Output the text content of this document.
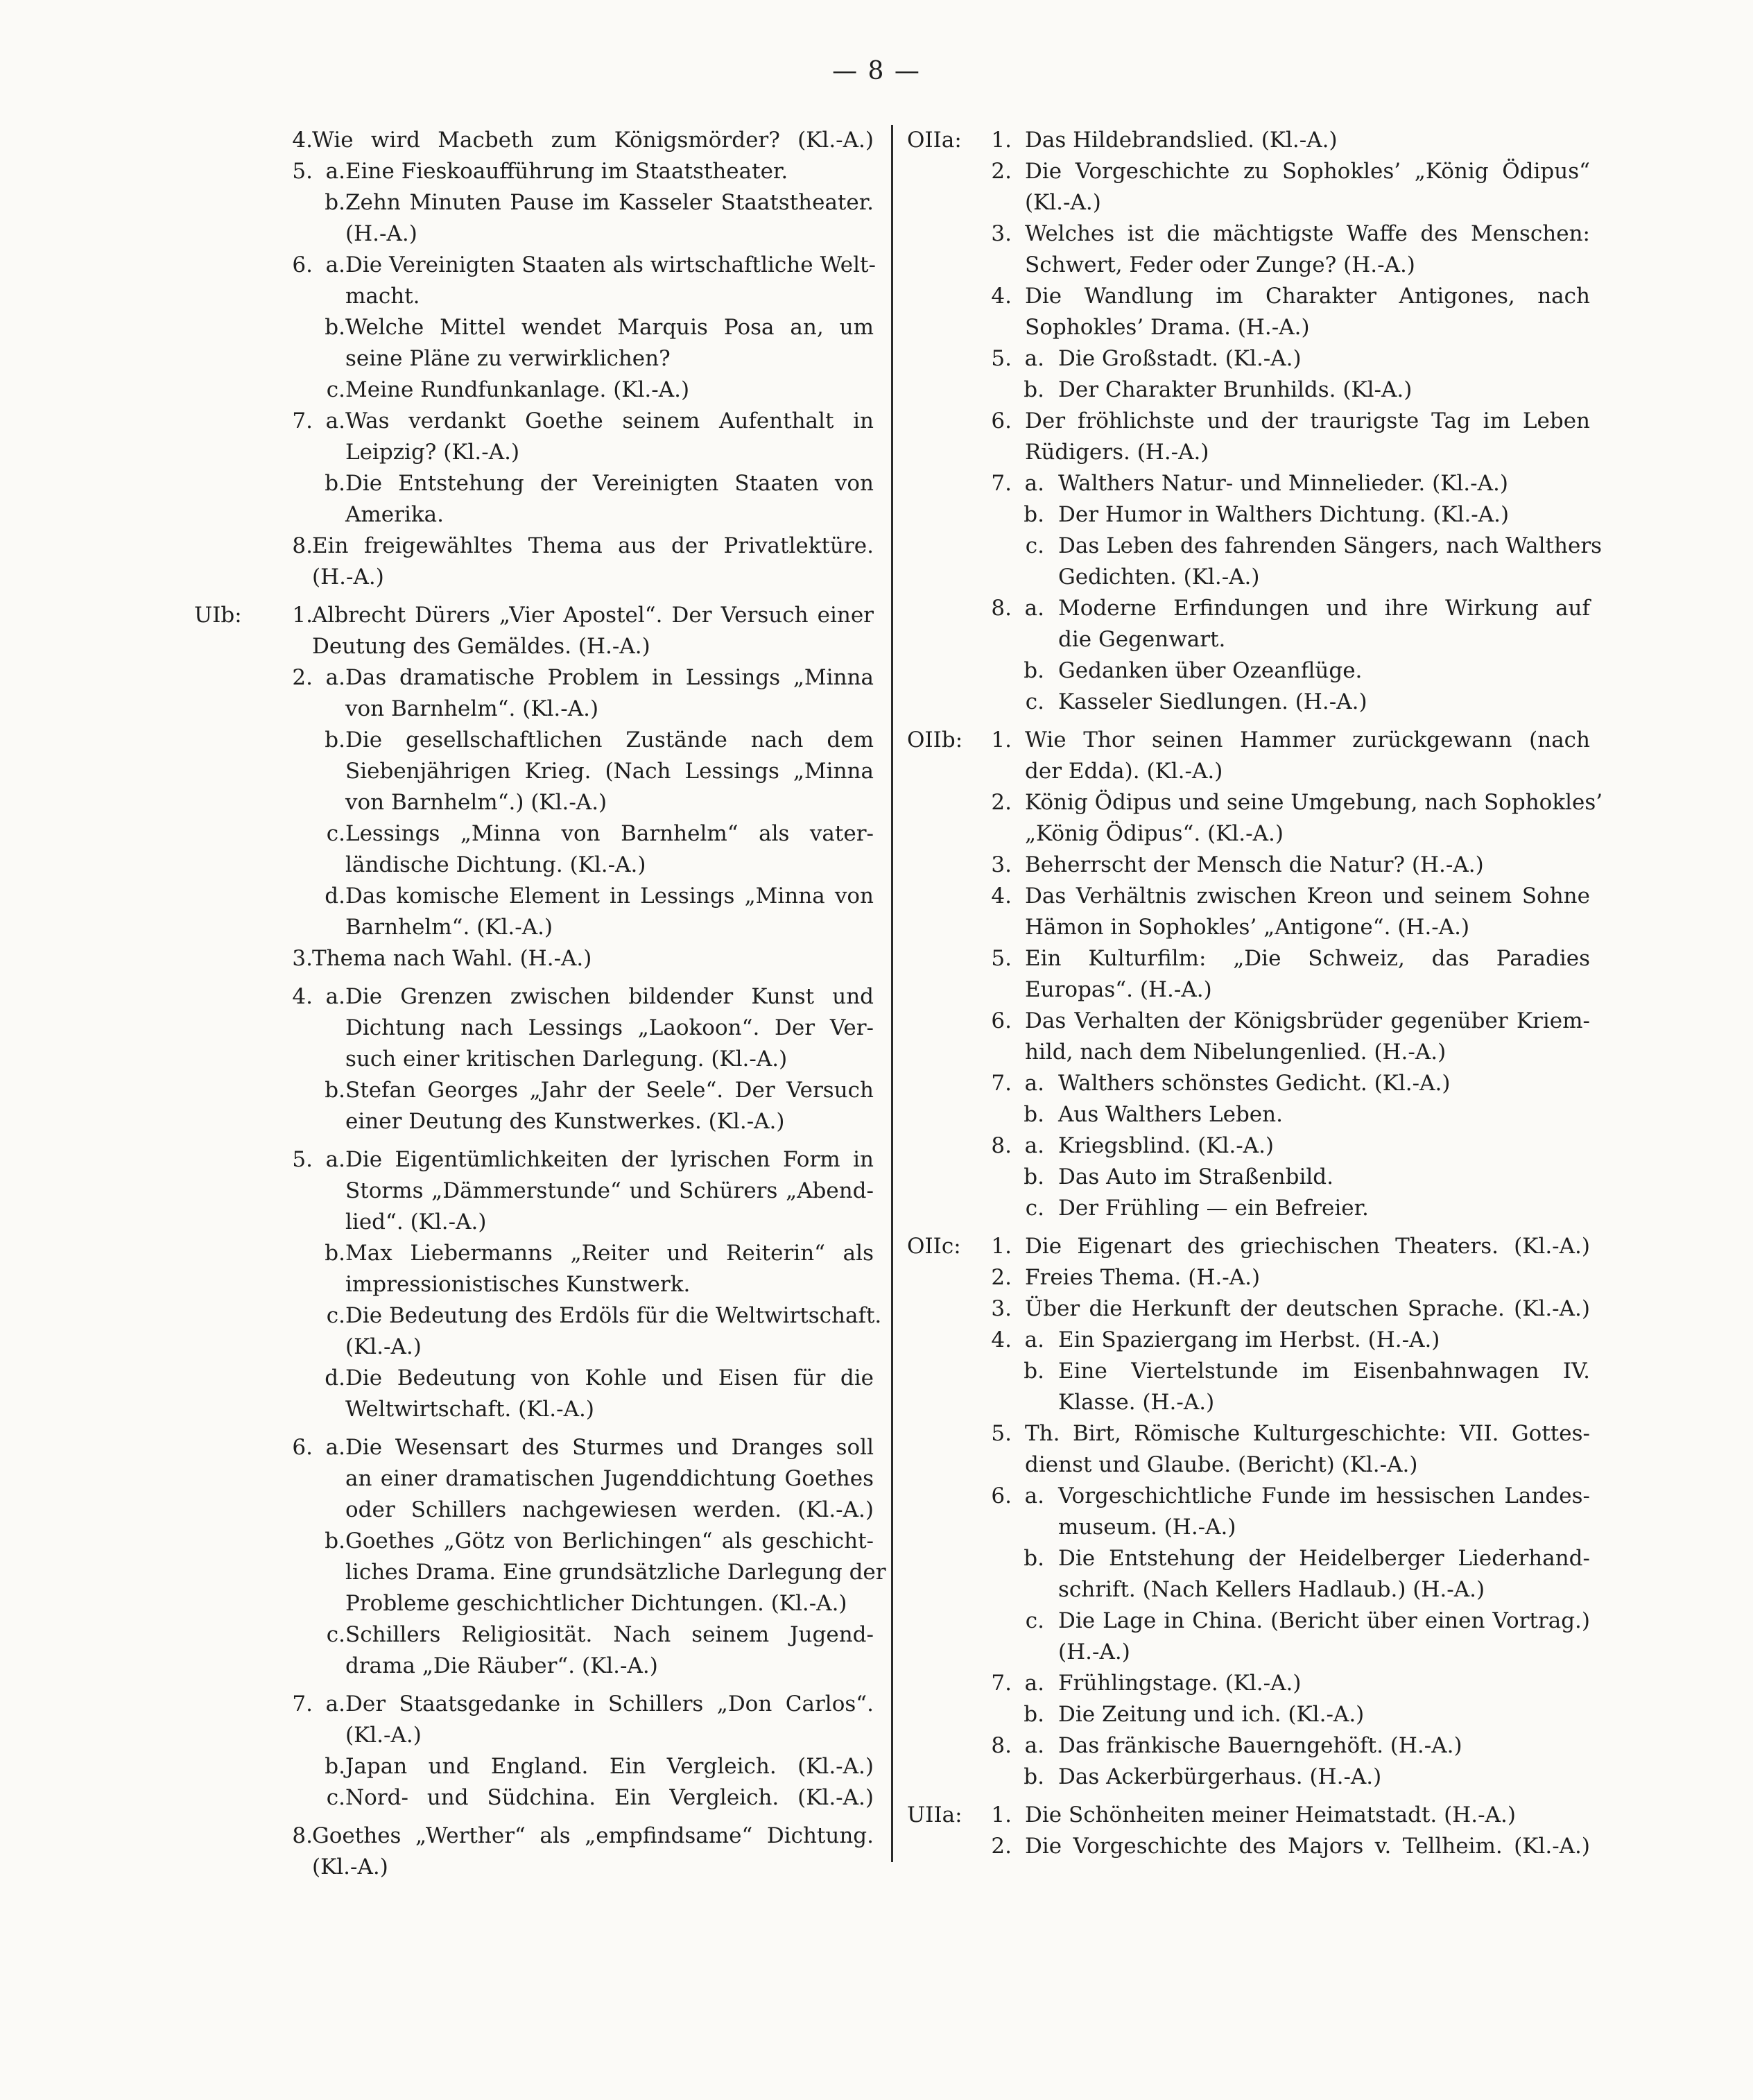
— 8 —
4. Wie wird Macbeth zum Königsmörder? (Kl.-A.)
5. a. Eine Fieskoaufführung im Staatstheater.
b. Zehn Minuten Pause im Kasseler Staatstheater.
(H.-A.)
6. a. Die Vereinigten Staaten als wirtschaftliche Welt-
macht.
b. Welche Mittel wendet Marquis Posa an, um
seine Pläne zu verwirklichen?
c. Meine Rundfunkanlage. (Kl.-A.)
7. a. Was verdankt Goethe seinem Aufenthalt in
Leipzig? (Kl.-A.)
b. Die Entstehung der Vereinigten Staaten von
Amerika.
8. Ein freigewähltes Thema aus der Privatlektüre.
(H.-A.)
UIb:	1. Albrecht Dürers „Vier Apostel“. Der Versuch einer
Deutung des Gemäldes. (H.-A.)
2. a. Das dramatische Problem in Lessings „Minna
von Barnhelm“. (Kl.-A.)
b. Die gesellschaftlichen Zustände nach dem
Siebenjährigen Krieg. (Nach Lessings „Minna
von Barnhelm“.) (Kl.-A.)
c. Lessings „Minna von Barnhelm“ als vater-
ländische Dichtung. (Kl.-A.)
d. Das komische Element in Lessings „Minna von
Barnhelm“. (Kl.-A.)
3. Thema nach Wahl. (H.-A.)
4. a. Die Grenzen zwischen bildender Kunst und
Dichtung nach Lessings „Laokoon“. Der Ver-
such einer kritischen Darlegung. (Kl.-A.)
b. Stefan Georges „Jahr der Seele“. Der Versuch
einer Deutung des Kunstwerkes. (Kl.-A.)
5. a. Die Eigentümlichkeiten der lyrischen Form in
Storms „Dämmerstunde“ und Schürers „Abend-
lied“. (Kl.-A.)
b. Max Liebermanns „Reiter und Reiterin“ als
impressionistisches Kunstwerk.
c. Die Bedeutung des Erdöls für die Weltwirtschaft.
(Kl.-A.)
d. Die Bedeutung von Kohle und Eisen für die
Weltwirtschaft. (Kl.-A.)
6. a. Die Wesensart des Sturmes und Dranges soll
an einer dramatischen Jugenddichtung Goethes
oder Schillers nachgewiesen werden. (Kl.-A.)
b. Goethes „Götz von Berlichingen“ als geschicht-
liches Drama. Eine grundsätzliche Darlegung der
Probleme geschichtlicher Dichtungen. (Kl.-A.)
c. Schillers Religiosität. Nach seinem Jugend-
drama „Die Räuber“. (Kl.-A.)
7. a. Der Staatsgedanke in Schillers „Don Carlos“.
(Kl.-A.)
b. Japan und England. Ein Vergleich. (Kl.-A.)
c. Nord- und Südchina. Ein Vergleich. (Kl.-A.)
8. Goethes „Werther“ als „empfindsame“ Dichtung.
(Kl.-A.)
OIIa:	1. Das Hildebrandslied. (Kl.-A.)
2. Die Vorgeschichte zu Sophokles’ „König Ödipus“
(Kl.-A.)
3. Welches ist die mächtigste Waffe des Menschen:
Schwert, Feder oder Zunge? (H.-A.)
4. Die Wandlung im Charakter Antigones, nach
Sophokles’ Drama. (H.-A.)
5. a. Die Großstadt. (Kl.-A.)
b. Der Charakter Brunhilds. (Kl-A.)
6. Der fröhlichste und der traurigste Tag im Leben
Rüdigers. (H.-A.)
7. a. Walthers Natur- und Minnelieder. (Kl.-A.)
b. Der Humor in Walthers Dichtung. (Kl.-A.)
c. Das Leben des fahrenden Sängers, nach Walthers
Gedichten. (Kl.-A.)
8. a. Moderne Erfindungen und ihre Wirkung auf
die Gegenwart.
b. Gedanken über Ozeanflüge.
c. Kasseler Siedlungen. (H.-A.)
OIIb:	1. Wie Thor seinen Hammer zurückgewann (nach
der Edda). (Kl.-A.)
2. König Ödipus und seine Umgebung, nach Sophokles’
„König Ödipus“. (Kl.-A.)
3. Beherrscht der Mensch die Natur? (H.-A.)
4. Das Verhältnis zwischen Kreon und seinem Sohne
Hämon in Sophokles’ „Antigone“. (H.-A.)
5. Ein Kulturfilm: „Die Schweiz, das Paradies
Europas“. (H.-A.)
6. Das Verhalten der Königsbrüder gegenüber Kriem-
hild, nach dem Nibelungenlied. (H.-A.)
7. a. Walthers schönstes Gedicht. (Kl.-A.)
b. Aus Walthers Leben.
8. a. Kriegsblind. (Kl.-A.)
b. Das Auto im Straßenbild.
c. Der Frühling — ein Befreier.
OIIc:	1. Die Eigenart des griechischen Theaters. (Kl.-A.)
2. Freies Thema. (H.-A.)
3. Über die Herkunft der deutschen Sprache. (Kl.-A.)
4. a. Ein Spaziergang im Herbst. (H.-A.)
b. Eine Viertelstunde im Eisenbahnwagen IV.
Klasse. (H.-A.)
5. Th. Birt, Römische Kulturgeschichte: VII. Gottes-
dienst und Glaube. (Bericht) (Kl.-A.)
6. a. Vorgeschichtliche Funde im hessischen Landes-
museum. (H.-A.)
b. Die Entstehung der Heidelberger Liederhand-
schrift. (Nach Kellers Hadlaub.) (H.-A.)
c. Die Lage in China. (Bericht über einen Vortrag.)
(H.-A.)
7. a. Frühlingstage. (Kl.-A.)
b. Die Zeitung und ich. (Kl.-A.)
8. a. Das fränkische Bauerngehöft. (H.-A.)
b. Das Ackerbürgerhaus. (H.-A.)
UIIa:	1. Die Schönheiten meiner Heimatstadt. (H.-A.)
2. Die Vorgeschichte des Majors v. Tellheim. (Kl.-A.)
